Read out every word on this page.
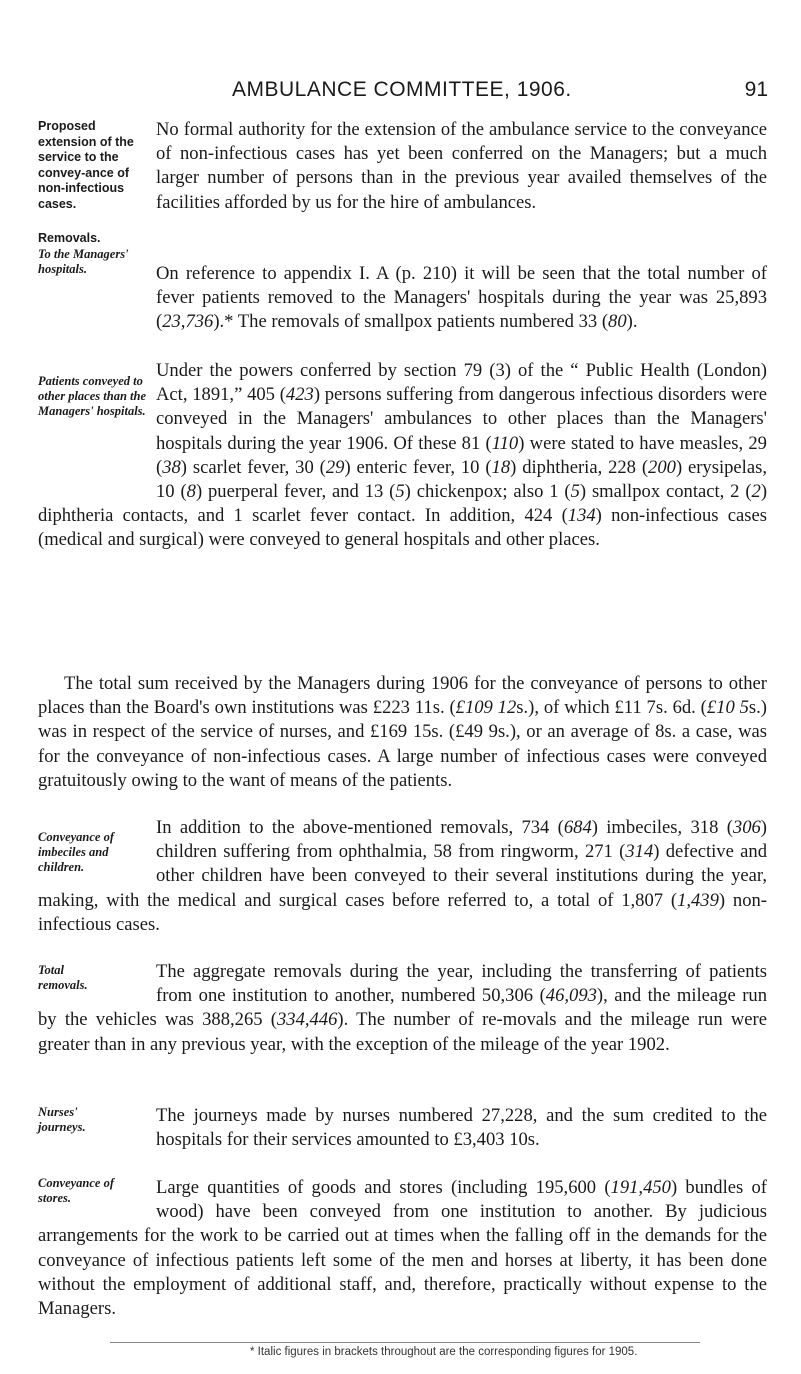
AMBULANCE COMMITTEE, 1906.	91
Proposed extension of the service to the convey-ance of non-infectious cases.
Removals.
To the Managers' hospitals.
Patients conveyed to other places than the Managers' hospitals.
Conveyance of imbeciles and children.
Total removals.
Nurses' journeys.
Conveyance of stores.
No formal authority for the extension of the ambulance service to the conveyance of non-infectious cases has yet been conferred on the Managers; but a much larger number of persons than in the previous year availed themselves of the facilities afforded by us for the hire of ambulances.
On reference to appendix I. A (p. 210) it will be seen that the total number of fever patients removed to the Managers' hospitals during the year was 25,893 (23,736).* The removals of smallpox patients numbered 33 (80).
Under the powers conferred by section 79 (3) of the “ Public Health (London) Act, 1891,” 405 (423) persons suffering from dangerous infectious disorders were conveyed in the Managers' ambulances to other places than the Managers' hospitals during the year 1906. Of these 81 (110) were stated to have measles, 29 (38) scarlet fever, 30 (29) enteric fever, 10 (18) diphtheria, 228 (200) erysipelas, 10 (8) puerperal fever, and 13 (5) chickenpox; also 1 (5) smallpox contact, 2 (2) diphtheria contacts, and 1 scarlet fever contact. In addition, 424 (134) non-infectious cases (medical and surgical) were conveyed to general hospitals and other places.
The total sum received by the Managers during 1906 for the conveyance of persons to other places than the Board's own institutions was £223 11s. (£109 12s.), of which £11 7s. 6d. (£10 5s.) was in respect of the service of nurses, and £169 15s. (£49 9s.), or an average of 8s. a case, was for the conveyance of non-infectious cases. A large number of infectious cases were conveyed gratuitously owing to the want of means of the patients.
In addition to the above-mentioned removals, 734 (684) imbeciles, 318 (306) children suffering from ophthalmia, 58 from ringworm, 271 (314) defective and other children have been conveyed to their several institutions during the year, making, with the medical and surgical cases before referred to, a total of 1,807 (1,439) non-infectious cases.
The aggregate removals during the year, including the transferring of patients from one institution to another, numbered 50,306 (46,093), and the mileage run by the vehicles was 388,265 (334,446). The number of re-movals and the mileage run were greater than in any previous year, with the exception of the mileage of the year 1902.
The journeys made by nurses numbered 27,228, and the sum credited to the hospitals for their services amounted to £3,403 10s.
Large quantities of goods and stores (including 195,600 (191,450) bundles of wood) have been conveyed from one institution to another. By judicious arrangements for the work to be carried out at times when the falling off in the demands for the conveyance of infectious patients left some of the men and horses at liberty, it has been done without the employment of additional staff, and, therefore, practically without expense to the Managers.
* Italic figures in brackets throughout are the corresponding figures for 1905.
